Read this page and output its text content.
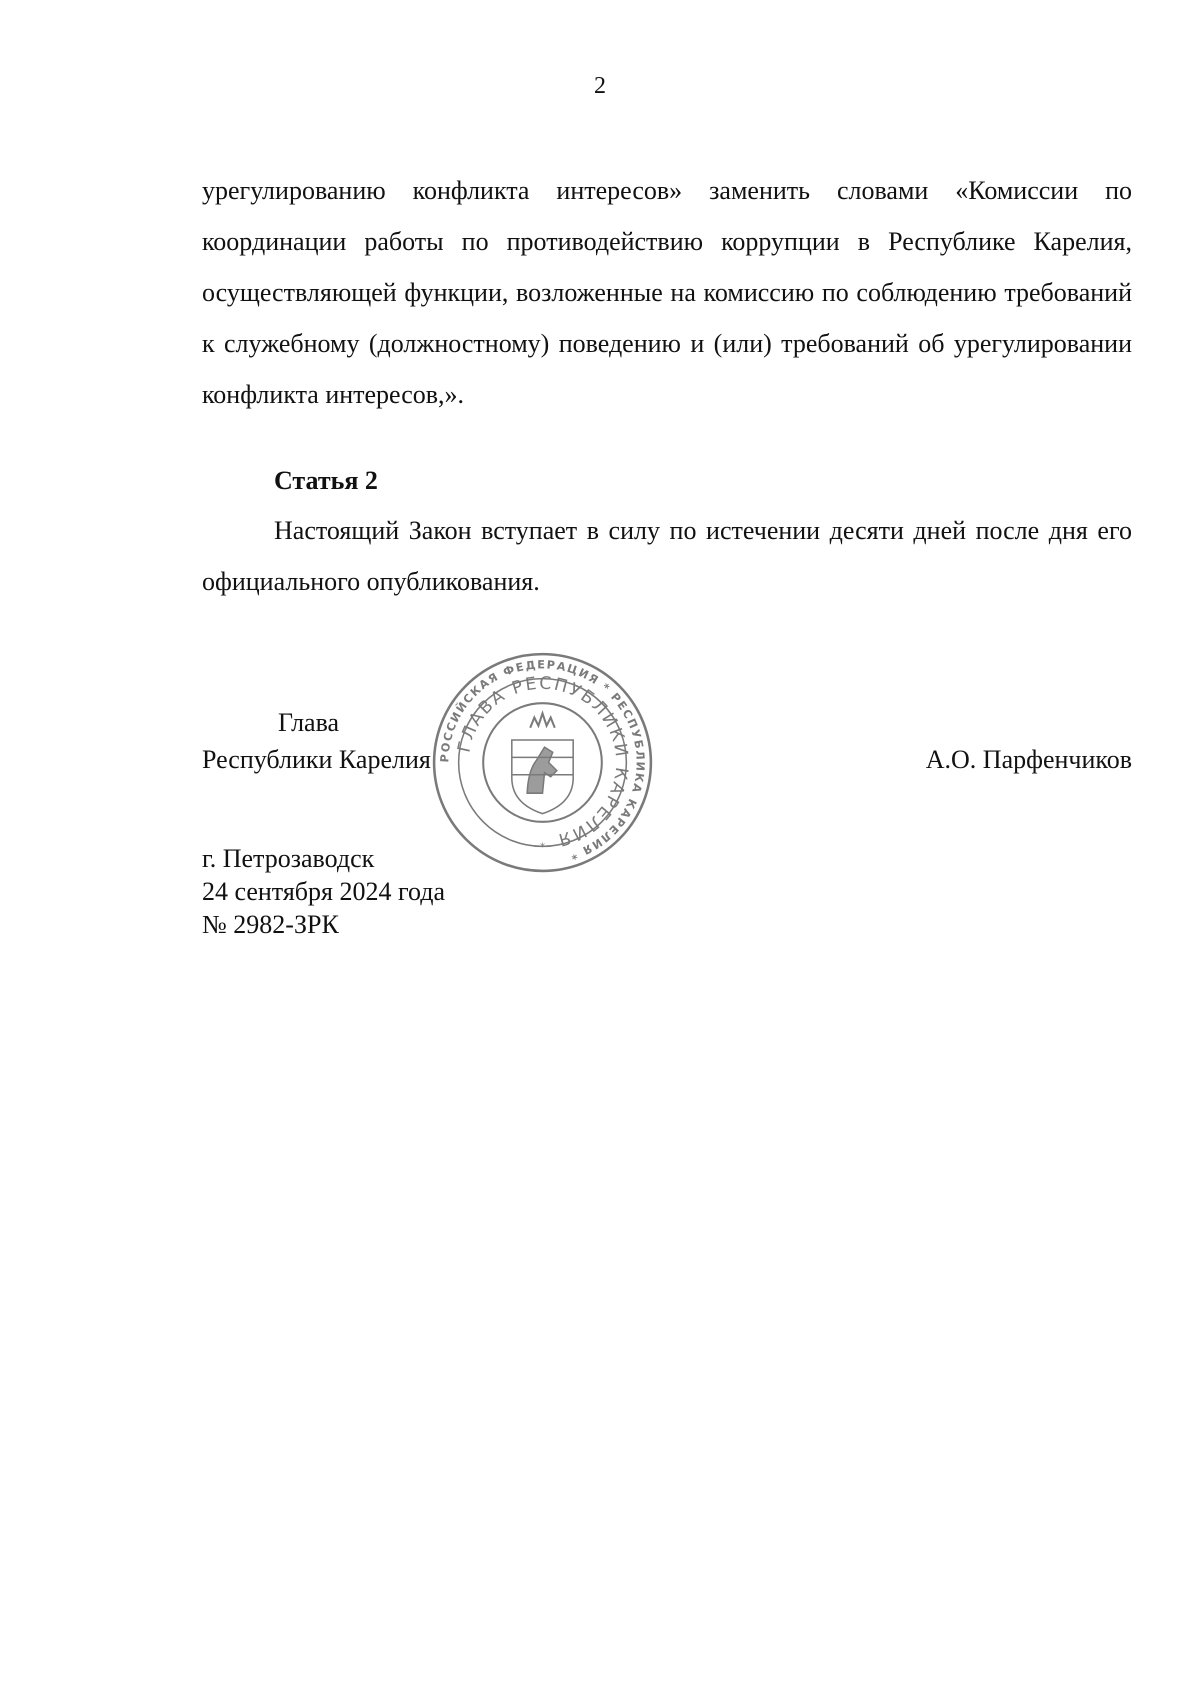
2
урегулированию конфликта интересов» заменить словами «Комиссии по координации работы по противодействию коррупции в Республике Карелия, осуществляющей функции, возложенные на комиссию по соблюдению требований к служебному (должностному) поведению и (или) требований об урегулировании конфликта интересов,».
Статья 2
Настоящий Закон вступает в силу по истечении десяти дней после дня его официального опубликования.
Глава
Республики Карелия	А.О. Парфенчиков
г. Петрозаводск
24 сентября 2024 года
№ 2982-ЗРК
РОССИЙСКАЯ ФЕДЕРАЦИЯ * РЕСПУБЛИКА КАРЕЛИЯ *
ГЛАВА РЕСПУБЛИКИ КАРЕЛИЯ
*
